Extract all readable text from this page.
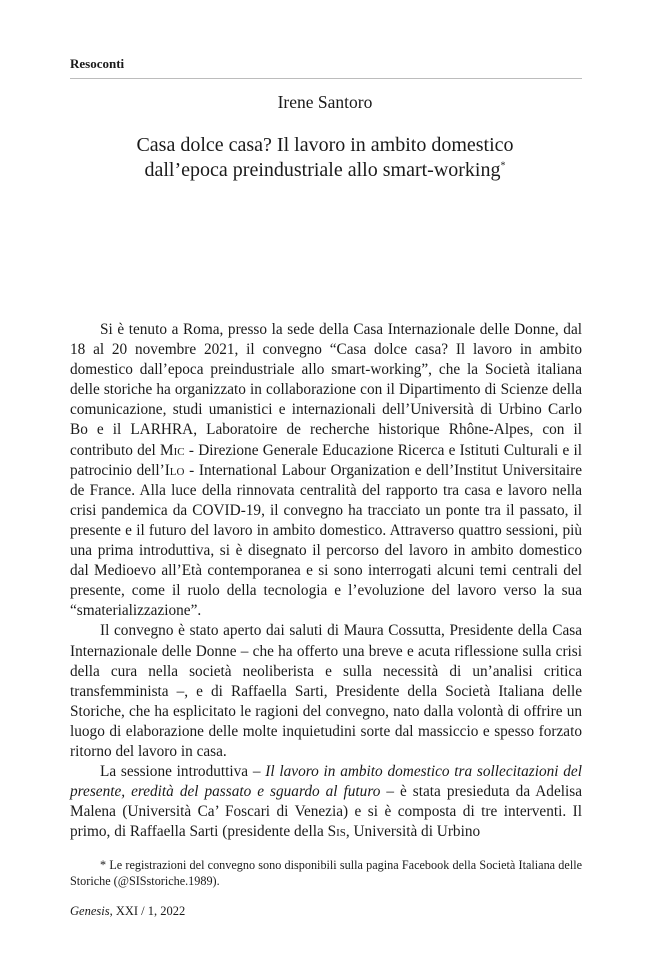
Resoconti
Irene Santoro
Casa dolce casa? Il lavoro in ambito domestico
dall’epoca preindustriale allo smart-working*

Si è tenuto a Roma, presso la sede della Casa Internazionale delle Donne, dal 18 al 20 novembre 2021, il convegno “Casa dolce casa? Il lavoro in ambito domestico dall’epoca preindustriale allo smart-working”, che la Società italiana delle storiche ha organizzato in collaborazione con il Dipartimento di Scienze della comunicazione, studi umanistici e internazionali dell’Università di Urbino Carlo Bo e il LARHRA, Laboratoire de recherche historique Rhône-Alpes, con il contributo del Mic - Direzione Generale Educazione Ricerca e Istituti Culturali e il patrocinio dell’Ilo - International Labour Organization e dell’Institut Universitaire de France. Alla luce della rinnovata centralità del rapporto tra casa e lavoro nella crisi pandemica da COVID-19, il convegno ha tracciato un ponte tra il passato, il presente e il futuro del lavoro in ambito domestico. Attraverso quattro sessioni, più una prima introduttiva, si è disegnato il percorso del lavoro in ambito domestico dal Medioevo all’Età contemporanea e si sono interrogati alcuni temi centrali del presente, come il ruolo della tecnologia e l’evoluzione del lavoro verso la sua “smaterializzazione”.

Il convegno è stato aperto dai saluti di Maura Cossutta, Presidente della Casa Internazionale delle Donne – che ha offerto una breve e acuta riflessione sulla crisi della cura nella società neoliberista e sulla necessità di un’analisi critica transfemminista –, e di Raffaella Sarti, Presidente della Società Italiana delle Storiche, che ha esplicitato le ragioni del convegno, nato dalla volontà di offrire un luogo di elaborazione delle molte inquietudini sorte dal massiccio e spesso forzato ritorno del lavoro in casa.

La sessione introduttiva – Il lavoro in ambito domestico tra sollecitazioni del presente, eredità del passato e sguardo al futuro – è stata presieduta da Adelisa Malena (Università Ca’ Foscari di Venezia) e si è composta di tre interventi. Il primo, di Raffaella Sarti (presidente della Sis, Università di Urbino

* Le registrazioni del convegno sono disponibili sulla pagina Facebook della Società Italiana delle Storiche (@SISstoriche.1989).

Genesis, XXI / 1, 2022
